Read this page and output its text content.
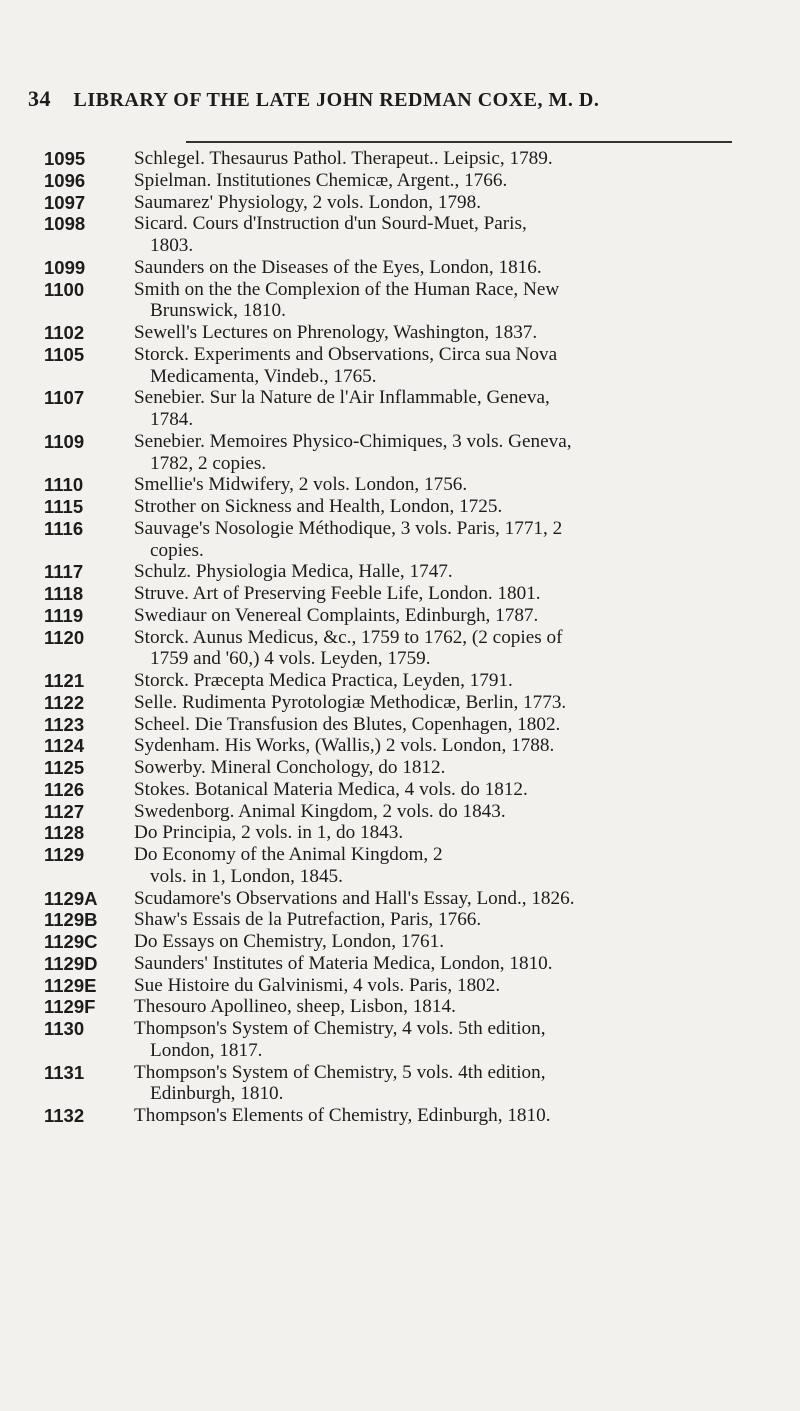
34 LIBRARY OF THE LATE JOHN REDMAN COXE, M. D.
1095	Schlegel. Thesaurus Pathol. Therapeut.. Leipsic, 1789.
1096	Spielman. Institutiones Chemicæ, Argent., 1766.
1097	Saumarez' Physiology, 2 vols. London, 1798.
1098	Sicard. Cours d'Instruction d'un Sourd-Muet, Paris,
1803.
1099	Saunders on the Diseases of the Eyes, London, 1816.
1100	Smith on the the Complexion of the Human Race, New
Brunswick, 1810.
1102	Sewell's Lectures on Phrenology, Washington, 1837.
1105	Storck. Experiments and Observations, Circa sua Nova
Medicamenta, Vindeb., 1765.
1107	Senebier. Sur la Nature de l'Air Inflammable, Geneva,
1784.
1109	Senebier. Memoires Physico-Chimiques, 3 vols. Geneva,
1782, 2 copies.
1110	Smellie's Midwifery, 2 vols. London, 1756.
1115	Strother on Sickness and Health, London, 1725.
1116	Sauvage's Nosologie Méthodique, 3 vols. Paris, 1771, 2
copies.
1117	Schulz. Physiologia Medica, Halle, 1747.
1118	Struve. Art of Preserving Feeble Life, London. 1801.
1119	Swediaur on Venereal Complaints, Edinburgh, 1787.
1120	Storck. Aunus Medicus, &c., 1759 to 1762, (2 copies of
1759 and '60,) 4 vols. Leyden, 1759.
1121	Storck. Præcepta Medica Practica, Leyden, 1791.
1122	Selle. Rudimenta Pyrotologiæ Methodicæ, Berlin, 1773.
1123	Scheel. Die Transfusion des Blutes, Copenhagen, 1802.
1124	Sydenham. His Works, (Wallis,) 2 vols. London, 1788.
1125	Sowerby. Mineral Conchology, do 1812.
1126	Stokes. Botanical Materia Medica, 4 vols. do 1812.
1127	Swedenborg. Animal Kingdom, 2 vols. do 1843.
1128	Do Principia, 2 vols. in 1, do 1843.
1129	Do Economy of the Animal Kingdom, 2
vols. in 1, London, 1845.
1129A Scudamore's Observations and Hall's Essay, Lond., 1826.
1129B Shaw's Essais de la Putrefaction, Paris, 1766.
1129C Do Essays on Chemistry, London, 1761.
1129D Saunders' Institutes of Materia Medica, London, 1810.
1129E Sue Histoire du Galvinismi, 4 vols. Paris, 1802.
1129F Thesouro Apollineo, sheep, Lisbon, 1814.
1130	Thompson's System of Chemistry, 4 vols. 5th edition,
London, 1817.
1131	Thompson's System of Chemistry, 5 vols. 4th edition,
Edinburgh, 1810.
1132	Thompson's Elements of Chemistry, Edinburgh, 1810.
